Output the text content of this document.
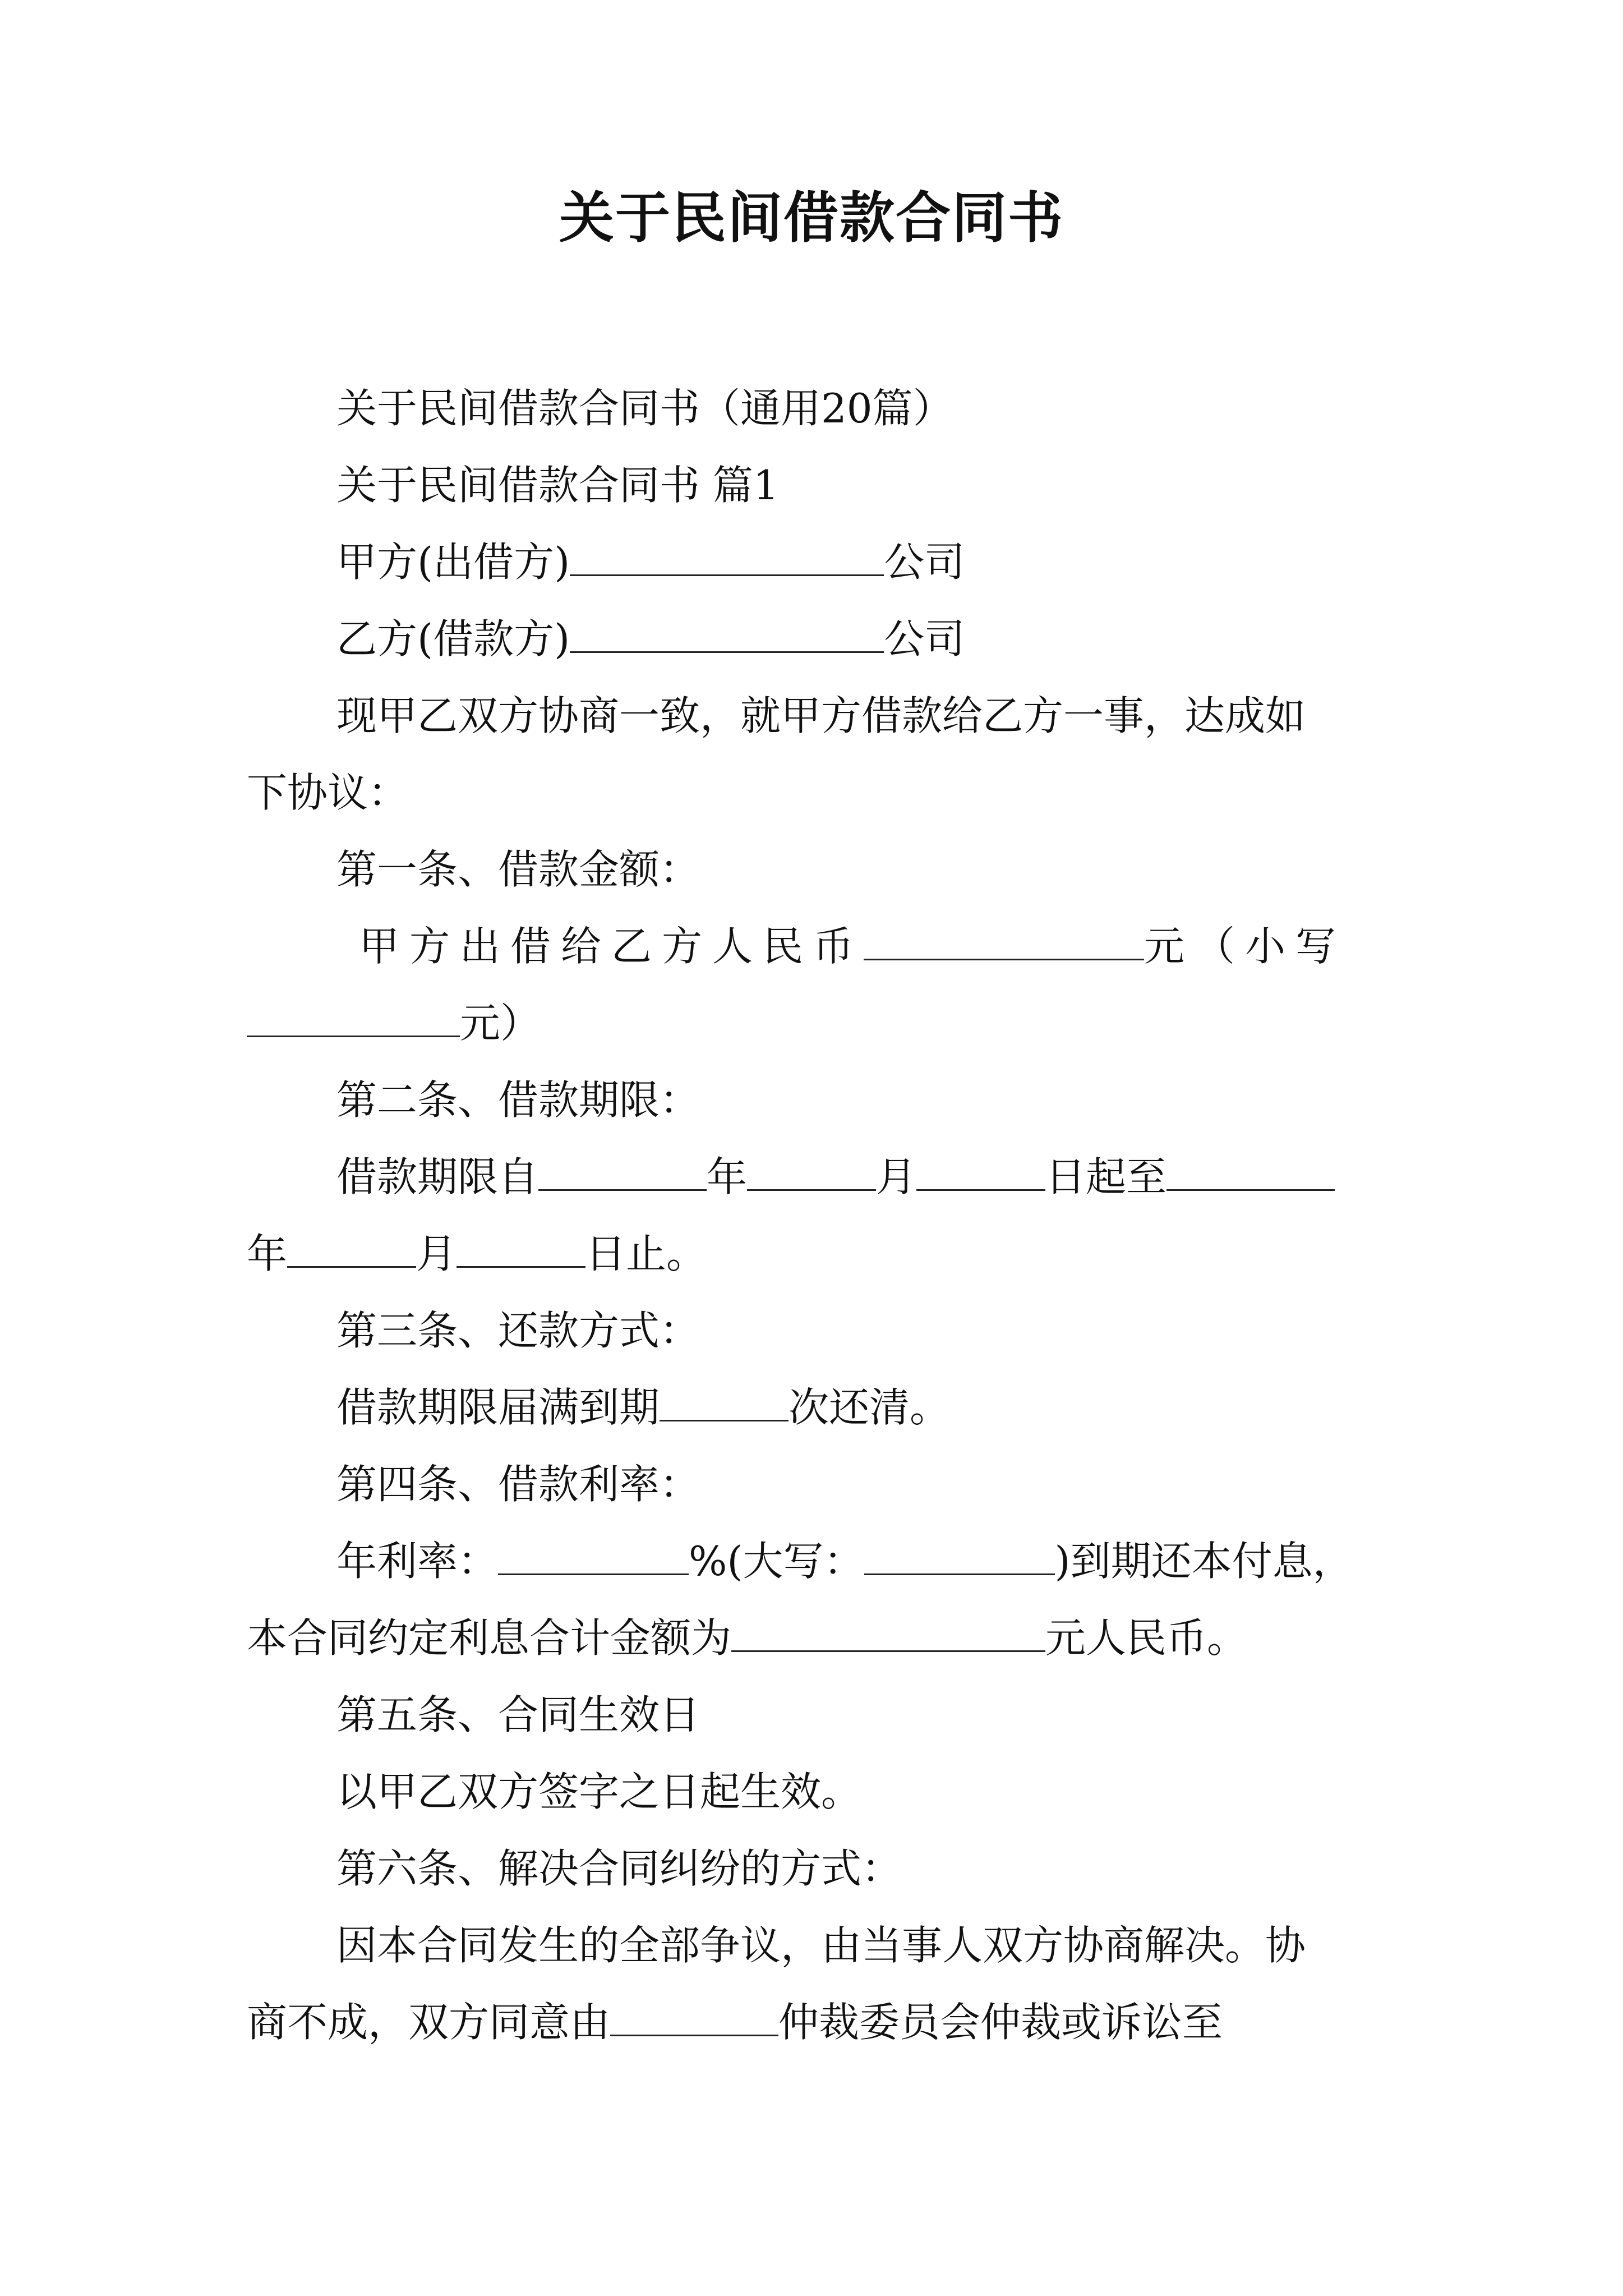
关于民间借款合同书

关于民间借款合同书（通用20篇）

关于民间借款合同书 篇1

甲方(出借方)	公司

乙方(借款方)	公司

现甲乙双方协商一致，就甲方借款给乙方一事，达成如

下协议：

第一条、借款金额：

甲方出借给乙方人民币	元（小写

元）

第二条、借款期限：

借款期限自	年	月	日起至

年	月	日止。

第三条、还款方式：

借款期限届满到期	次还清。

第四条、借款利率：

年利率：	%(大写：	)到期还本付息，

本合同约定利息合计金额为	元人民币。

第五条、合同生效日

以甲乙双方签字之日起生效。

第六条、解决合同纠纷的方式：

因本合同发生的全部争议，由当事人双方协商解决。协

商不成，双方同意由	仲裁委员会仲裁或诉讼至
